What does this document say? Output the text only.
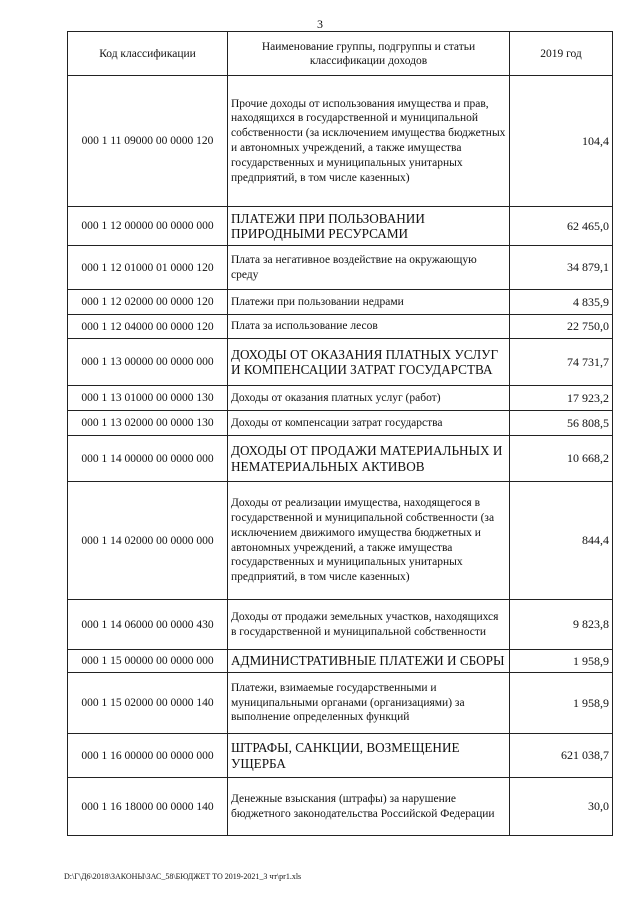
3
Код классификации	Наименование группы, подгруппы и статьи классификации доходов	2019 год
000 1 11 09000 00 0000 120	Прочие доходы от использования имущества и прав, находящихся в государственной и муниципальной собственности (за исключением имущества бюджетных и автономных учреждений, а также имущества государственных и муниципальных унитарных предприятий, в том числе казенных)	104,4
000 1 12 00000 00 0000 000	ПЛАТЕЖИ ПРИ ПОЛЬЗОВАНИИ ПРИРОДНЫМИ РЕСУРСАМИ	62 465,0
000 1 12 01000 01 0000 120	Плата за негативное воздействие на окружающую среду	34 879,1
000 1 12 02000 00 0000 120	Платежи при пользовании недрами	4 835,9
000 1 12 04000 00 0000 120	Плата за использование лесов	22 750,0
000 1 13 00000 00 0000 000	ДОХОДЫ ОТ ОКАЗАНИЯ ПЛАТНЫХ УСЛУГ И КОМПЕНСАЦИИ ЗАТРАТ ГОСУДАРСТВА	74 731,7
000 1 13 01000 00 0000 130	Доходы от оказания платных услуг (работ)	17 923,2
000 1 13 02000 00 0000 130	Доходы от компенсации затрат государства	56 808,5
000 1 14 00000 00 0000 000	ДОХОДЫ ОТ ПРОДАЖИ МАТЕРИАЛЬНЫХ И НЕМАТЕРИАЛЬНЫХ АКТИВОВ	10 668,2
000 1 14 02000 00 0000 000	Доходы от реализации имущества, находящегося в государственной и муниципальной собственности (за исключением движимого имущества бюджетных и автономных учреждений, а также имущества государственных и муниципальных унитарных предприятий, в том числе казенных)	844,4
000 1 14 06000 00 0000 430	Доходы от продажи земельных участков, находящихся в государственной и муниципальной собственности	9 823,8
000 1 15 00000 00 0000 000	АДМИНИСТРАТИВНЫЕ ПЛАТЕЖИ И СБОРЫ	1 958,9
000 1 15 02000 00 0000 140	Платежи, взимаемые государственными и муниципальными органами (организациями) за выполнение определенных функций	1 958,9
000 1 16 00000 00 0000 000	ШТРАФЫ, САНКЦИИ, ВОЗМЕЩЕНИЕ УЩЕРБА	621 038,7
000 1 16 18000 00 0000 140	Денежные взыскания (штрафы) за нарушение бюджетного законодательства Российской Федерации	30,0
D:\Г\Д6\2018\ЗАКОНЫ\ЗАС_58\БЮДЖЕТ ТО 2019-2021_3 чт\pr1.xls
